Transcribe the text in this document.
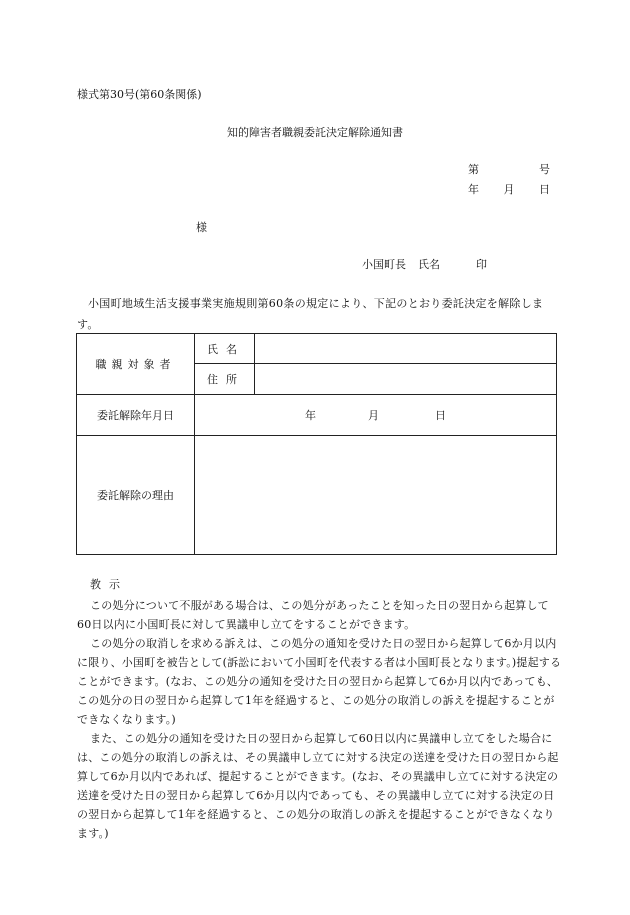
様式第30号(第60条関係)
知的障害者職親委託決定解除通知書
第	号
年 月 日
様
小国町長 氏名	印
小国町地域生活支援事業実施規則第60条の規定により、下記のとおり委託決定を解除します。
職親対象者	氏名	
	住所	
委託解除年月日	年 月 日	
委託解除の理由		
教示
この処分について不服がある場合は、この処分があったことを知った日の翌日から起算して60日以内に小国町長に対して異議申し立てをすることができます。
この処分の取消しを求める訴えは、この処分の通知を受けた日の翌日から起算して6か月以内に限り、小国町を被告として(訴訟において小国町を代表する者は小国町長となります。)提起することができます。(なお、この処分の通知を受けた日の翌日から起算して6か月以内であっても、この処分の日の翌日から起算して1年を経過すると、この処分の取消しの訴えを提起することができなくなります。)
また、この処分の通知を受けた日の翌日から起算して60日以内に異議申し立てをした場合には、この処分の取消しの訴えは、その異議申し立てに対する決定の送達を受けた日の翌日から起算して6か月以内であれば、提起することができます。(なお、その異議申し立てに対する決定の送達を受けた日の翌日から起算して6か月以内であっても、その異議申し立てに対する決定の日の翌日から起算して1年を経過すると、この処分の取消しの訴えを提起することができなくなります。)
